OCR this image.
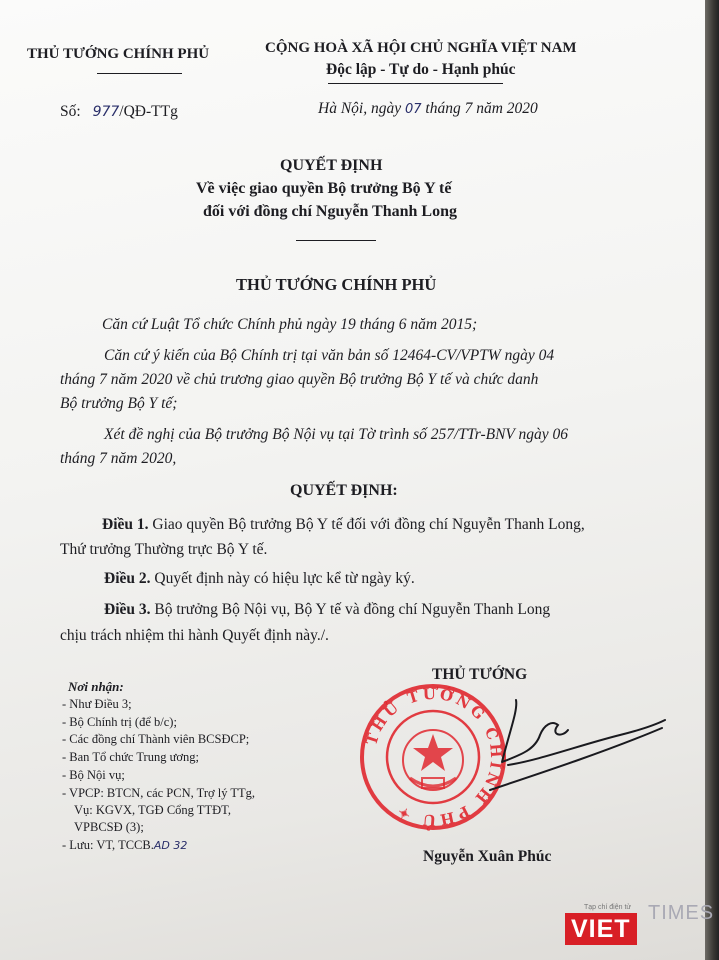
THỦ TƯỚNG CHÍNH PHỦ	CỘNG HOÀ XÃ HỘI CHỦ NGHĨA VIỆT NAM
Độc lập - Tự do - Hạnh phúc
Số: 977/QĐ-TTg	Hà Nội, ngày 07 tháng 7 năm 2020
QUYẾT ĐỊNH
Về việc giao quyền Bộ trưởng Bộ Y tế
đối với đồng chí Nguyễn Thanh Long
THỦ TƯỚNG CHÍNH PHỦ
Căn cứ Luật Tổ chức Chính phủ ngày 19 tháng 6 năm 2015;
Căn cứ ý kiến của Bộ Chính trị tại văn bản số 12464-CV/VPTW ngày 04
tháng 7 năm 2020 về chủ trương giao quyền Bộ trưởng Bộ Y tế và chức danh
Bộ trưởng Bộ Y tế;
Xét đề nghị của Bộ trưởng Bộ Nội vụ tại Tờ trình số 257/TTr-BNV ngày 06
tháng 7 năm 2020,
QUYẾT ĐỊNH:
Điều 1. Giao quyền Bộ trưởng Bộ Y tế đối với đồng chí Nguyễn Thanh Long,
Thứ trưởng Thường trực Bộ Y tế.
Điều 2. Quyết định này có hiệu lực kể từ ngày ký.
Điều 3. Bộ trưởng Bộ Nội vụ, Bộ Y tế và đồng chí Nguyễn Thanh Long
chịu trách nhiệm thi hành Quyết định này./.
Nơi nhận:
- Như Điều 3;
- Bộ Chính trị (để b/c);
- Các đồng chí Thành viên BCSĐCP;
- Ban Tổ chức Trung ương;
- Bộ Nội vụ;
- VPCP: BTCN, các PCN, Trợ lý TTg,
Vụ: KGVX, TGĐ Cổng TTĐT,
VPBCSĐ (3);
- Lưu: VT, TCCB.AD 32
THỦ TƯỚNG
THỦ TƯỚNG CHÍNH PHỦ ✦
Nguyễn Xuân Phúc
Tạp chí điện tử
VIET
TIMES
